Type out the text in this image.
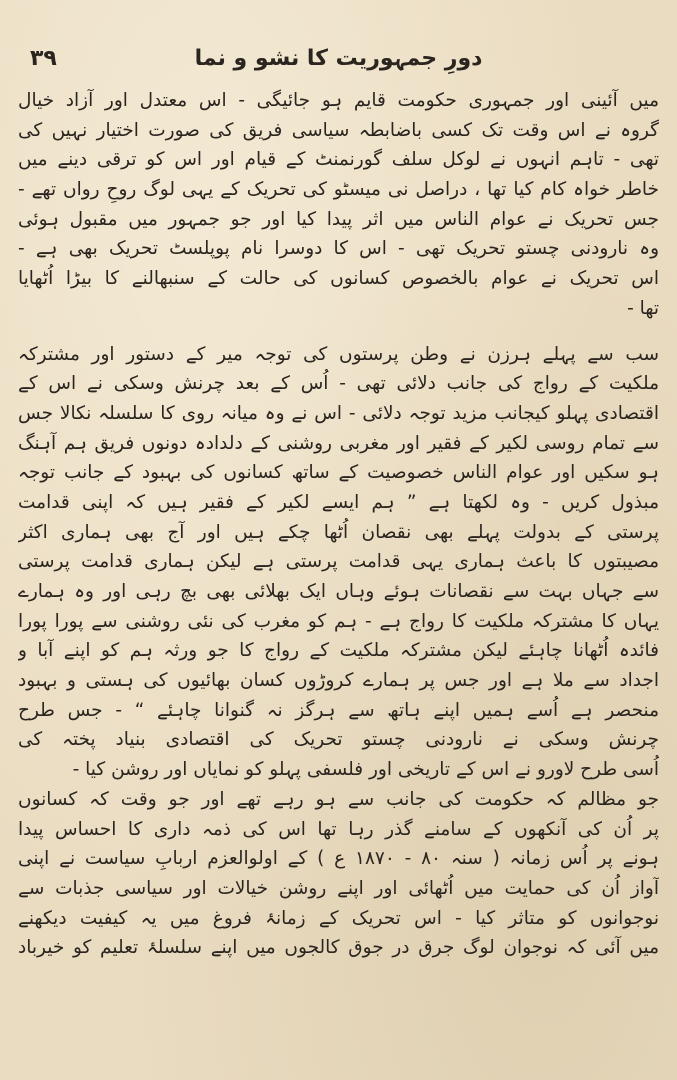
۳۹	دورِ جمہوریت کا نشو و نما
میں آئینی اور جمہوری حکومت قایم ہو جائیگی - اس معتدل اور آزاد خیال
گروہ نے اس وقت تک کسی باضابطہ سیاسی فریق کی صورت اختیار نہیں کی
تھی - تاہم انہوں نے لوکل سلف گورنمنٹ کے قیام اور اس کو ترقی دینے میں
خاطر خواہ کام کیا تھا ، دراصل نی میسٹو کی تحریک کے یہی لوگ روحِ رواں تھے -
جس تحریک نے عوام الناس میں اثر پیدا کیا اور جو جمہور میں مقبول ہوئی
وہ نارودنی چستو تحریک تھی - اس کا دوسرا نام پوپلسٹ تحریک بھی ہے -
اس تحریک نے عوام بالخصوص کسانوں کی حالت کے سنبھالنے کا بیڑا اُٹھایا
تھا -
سب سے پہلے ہرزن نے وطن پرستوں کی توجہ میر کے دستور اور مشترکہ
ملکیت کے رواج کی جانب دلائی تھی - اُس کے بعد چرنش وسکی نے اس کے
اقتصادی پہلو کیجانب مزید توجہ دلائی - اس نے وہ میانہ روی کا سلسلہ نکالا جس
سے تمام روسی لکیر کے فقیر اور مغربی روشنی کے دلدادہ دونوں فریق ہم آہنگ
ہو سکیں اور عوام الناس خصوصیت کے ساتھ کسانوں کی بہبود کے جانب توجہ
مبذول کریں - وہ لکھتا ہے ” ہم ایسے لکیر کے فقیر ہیں کہ اپنی قدامت
پرستی کے بدولت پہلے بھی نقصان اُٹھا چکے ہیں اور آج بھی ہماری اکثر
مصیبتوں کا باعث ہماری یہی قدامت پرستی ہے لیکن ہماری قدامت پرستی
سے جہاں بہت سے نقصانات ہوئے وہاں ایک بھلائی بھی بچ رہی اور وہ ہمارے
یہاں کا مشترکہ ملکیت کا رواج ہے - ہم کو مغرب کی نئی روشنی سے پورا پورا
فائدہ اُٹھانا چاہئے لیکن مشترکہ ملکیت کے رواج کا جو ورثہ ہم کو اپنے آبا و
اجداد سے ملا ہے اور جس پر ہمارے کروڑوں کسان بھائیوں کی ہستی و بہبود
منحصر ہے اُسے ہمیں اپنے ہاتھ سے ہرگز نہ گنوانا چاہئے “ - جس طرح
چرنش وسکی نے نارودنی چستو تحریک کی اقتصادی بنیاد پختہ کی
اُسی طرح لاورو نے اس کے تاریخی اور فلسفی پہلو کو نمایاں اور روشن کیا -
جو مظالم کہ حکومت کی جانب سے ہو رہے تھے اور جو وقت کہ کسانوں
پر اُن کی آنکھوں کے سامنے گذر رہا تھا اس کی ذمہ داری کا احساس پیدا
ہونے پر اُس زمانہ ( سنہ ۸۰ - ۱۸۷۰ ع ) کے اولوالعزم اربابِ سیاست نے اپنی
آواز اُن کی حمایت میں اُٹھائی اور اپنے روشن خیالات اور سیاسی جذبات سے
نوجوانوں کو متاثر کیا - اس تحریک کے زمانۂ فروغ میں یہ کیفیت دیکھنے
میں آئی کہ نوجوان لوگ جرق در جوق کالجوں میں اپنے سلسلۂ تعلیم کو خیرباد
